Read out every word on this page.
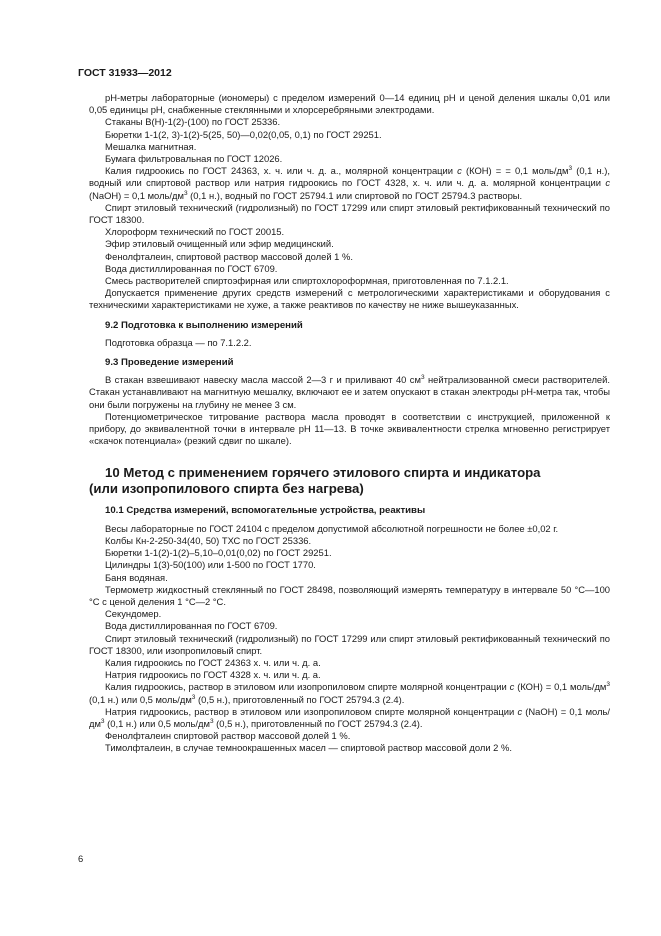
ГОСТ 31933—2012

рН-метры лабораторные (иономеры) с пределом измерений 0—14 единиц рН и ценой деления шкалы 0,01 или 0,05 единицы рН, снабженные стеклянными и хлорсеребряными электродами.

Стаканы В(Н)-1(2)-(100) по ГОСТ 25336.

Бюретки 1-1(2, 3)-1(2)-5(25, 50)—0,02(0,05, 0,1) по ГОСТ 29251.

Мешалка магнитная.

Бумага фильтровальная по ГОСТ 12026.

Калия гидроокись по ГОСТ 24363, х. ч. или ч. д. а., молярной концентрации c (КОН) = = 0,1 моль/$дм^3$ (0,1 н.), водный или спиртовой раствор или натрия гидроокись по ГОСТ 4328, х. ч. или ч. д. а. молярной концентрации c (NaOH) = 0,1 моль/$дм^3$ (0,1 н.), водный по ГОСТ 25794.1 или спиртовой по ГОСТ 25794.3 растворы.

Спирт этиловый технический (гидролизный) по ГОСТ 17299 или спирт этиловый ректификованный технический по ГОСТ 18300.

Хлороформ технический по ГОСТ 20015.

Эфир этиловый очищенный или эфир медицинский.

Фенолфталеин, спиртовой раствор массовой долей 1 %.

Вода дистиллированная по ГОСТ 6709.

Смесь растворителей спиртоэфирная или спиртохлороформная, приготовленная по 7.1.2.1.

Допускается применение других средств измерений с метрологическими характеристиками и оборудования с техническими характеристиками не хуже, а также реактивов по качеству не ниже вышеуказанных.

9.2 Подготовка к выполнению измерений

Подготовка образца — по 7.1.2.2.

9.3 Проведение измерений

В стакан взвешивают навеску масла массой 2—3 г и приливают 40 $см^3$ нейтрализованной смеси растворителей. Стакан устанавливают на магнитную мешалку, включают ее и затем опускают в стакан электроды рН-метра так, чтобы они были погружены на глубину не менее 3 см.

Потенциометрическое титрование раствора масла проводят в соответствии с инструкцией, приложенной к прибору, до эквивалентной точки в интервале рН 11—13. В точке эквивалентности стрелка мгновенно регистрирует «скачок потенциала» (резкий сдвиг по шкале).

10 Метод с применением горячего этилового спирта и индикатора
(или изопропилового спирта без нагрева)
10.1 Средства измерений, вспомогательные устройства, реактивы

Весы лабораторные по ГОСТ 24104 с пределом допустимой абсолютной погрешности не более ±0,02 г.

Колбы Кн-2-250-34(40, 50) ТХС по ГОСТ 25336.

Бюретки 1-1(2)-1(2)–5,10–0,01(0,02) по ГОСТ 29251.

Цилиндры 1(3)-50(100) или 1-500 по ГОСТ 1770.

Баня водяная.

Термометр жидкостный стеклянный по ГОСТ 28498, позволяющий измерять температуру в интервале 50 °С—100 °С с ценой деления 1 °С—2 °С.

Секундомер.

Вода дистиллированная по ГОСТ 6709.

Спирт этиловый технический (гидролизный) по ГОСТ 17299 или спирт этиловый ректификованный технический по ГОСТ 18300, или изопропиловый спирт.

Калия гидроокись по ГОСТ 24363 х. ч. или ч. д. а.

Натрия гидроокись по ГОСТ 4328 х. ч. или ч. д. а.

Калия гидроокись, раствор в этиловом или изопропиловом спирте молярной концентрации c (КОН) = 0,1 моль/$дм^3$ (0,1 н.) или 0,5 моль/$дм^3$ (0,5 н.), приготовленный по ГОСТ 25794.3 (2.4).

Натрия гидроокись, раствор в этиловом или изопропиловом спирте молярной концентрации c (NaOH) = 0,1 моль/$дм^3$ (0,1 н.) или 0,5 моль/$дм^3$ (0,5 н.), приготовленный по ГОСТ 25794.3 (2.4).

Фенолфталеин спиртовой раствор массовой долей 1 %.

Тимолфталеин, в случае темноокрашенных масел — спиртовой раствор массовой доли 2 %.

6
